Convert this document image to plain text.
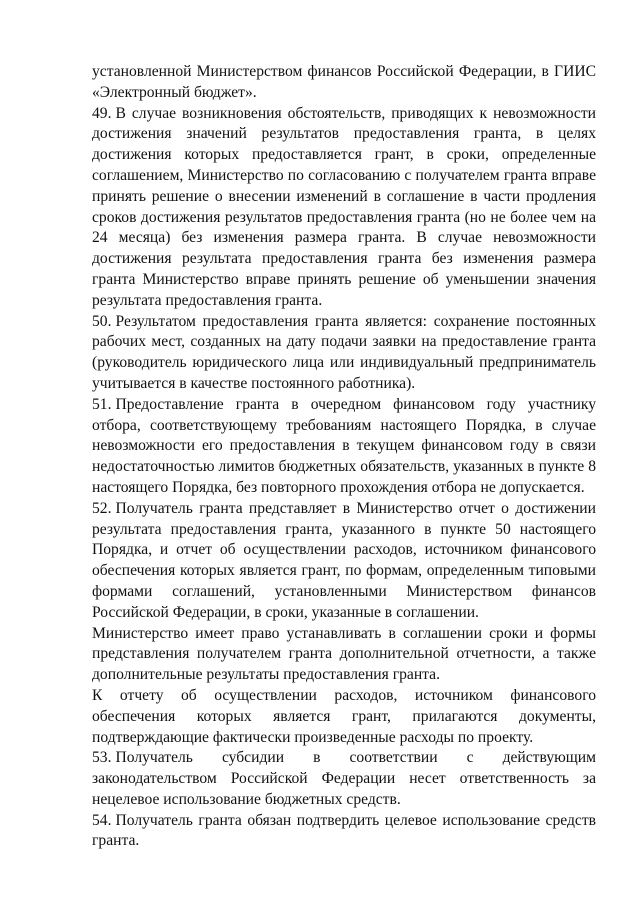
установленной Министерством финансов Российской Федерации, в ГИИС «Электронный бюджет».

49. В случае возникновения обстоятельств, приводящих к невозможности достижения значений результатов предоставления гранта, в целях достижения которых предоставляется грант, в сроки, определенные соглашением, Министерство по согласованию с получателем гранта вправе принять решение о внесении изменений в соглашение в части продления сроков достижения результатов предоставления гранта (но не более чем на 24 месяца) без изменения размера гранта. В случае невозможности достижения результата предоставления гранта без изменения размера гранта Министерство вправе принять решение об уменьшении значения результата предоставления гранта.

50. Результатом предоставления гранта является: сохранение постоянных рабочих мест, созданных на дату подачи заявки на предоставление гранта (руководитель юридического лица или индивидуальный предприниматель учитывается в качестве постоянного работника).

51. Предоставление гранта в очередном финансовом году участнику отбора, соответствующему требованиям настоящего Порядка, в случае невозможности его предоставления в текущем финансовом году в связи недостаточностью лимитов бюджетных обязательств, указанных в пункте 8 настоящего Порядка, без повторного прохождения отбора не допускается.

52. Получатель гранта представляет в Министерство отчет о достижении результата предоставления гранта, указанного в пункте 50 настоящего Порядка, и отчет об осуществлении расходов, источником финансового обеспечения которых является грант, по формам, определенным типовыми формами соглашений, установленными Министерством финансов Российской Федерации, в сроки, указанные в соглашении.

Министерство имеет право устанавливать в соглашении сроки и формы представления получателем гранта дополнительной отчетности, а также дополнительные результаты предоставления гранта.

К отчету об осуществлении расходов, источником финансового обеспечения которых является грант, прилагаются документы, подтверждающие фактически произведенные расходы по проекту.

53. Получатель субсидии в соответствии с действующим законодательством Российской Федерации несет ответственность за нецелевое использование бюджетных средств.

54. Получатель гранта обязан подтвердить целевое использование средств гранта.
